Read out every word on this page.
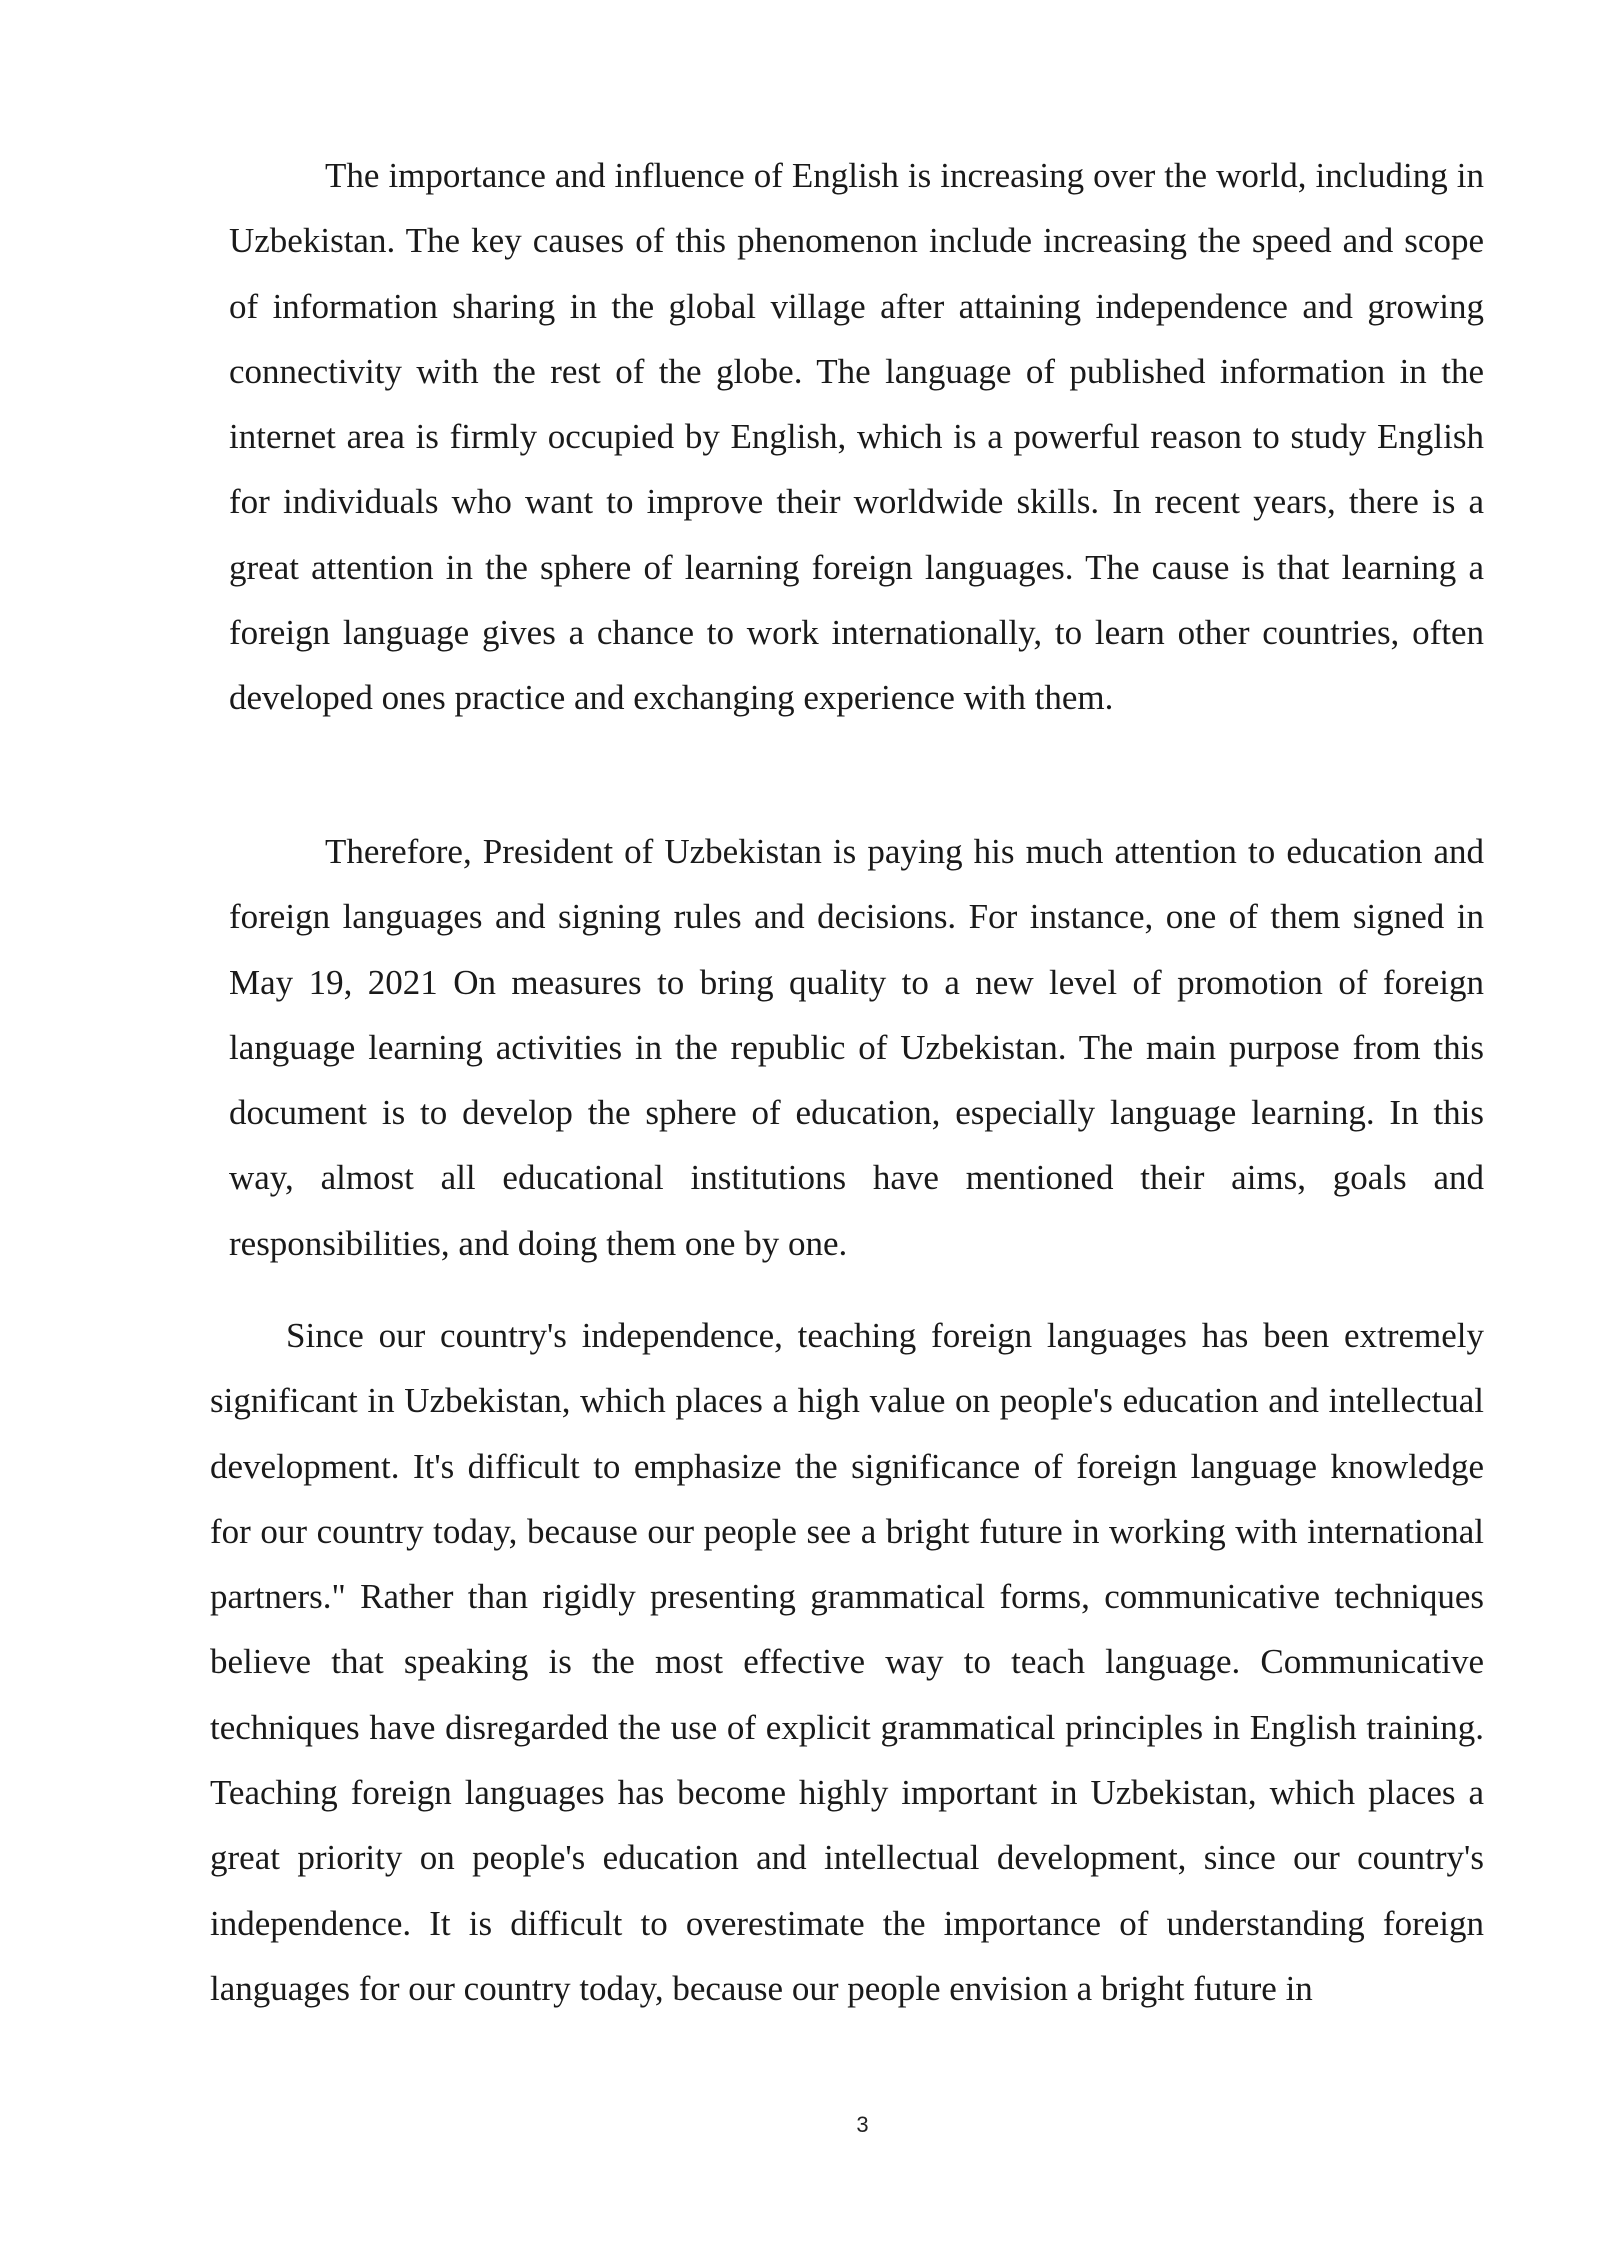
The importance and influence of English is increasing over the world, including in Uzbekistan. The key causes of this phenomenon include increasing the speed and scope of information sharing in the global village after attaining independence and growing connectivity with the rest of the globe. The language of published information in the internet area is firmly occupied by English, which is a powerful reason to study English for individuals who want to improve their worldwide skills. In recent years, there is a great attention in the sphere of learning foreign languages. The cause is that learning a foreign language gives a chance to work internationally, to learn other countries, often developed ones practice and exchanging experience with them.

Therefore, President of Uzbekistan is paying his much attention to education and foreign languages and signing rules and decisions. For instance, one of them signed in May 19, 2021 On measures to bring quality to a new level of promotion of foreign language learning activities in the republic of Uzbekistan. The main purpose from this document is to develop the sphere of education, especially language learning. In this way, almost all educational institutions have mentioned their aims, goals and responsibilities, and doing them one by one.

Since our country's independence, teaching foreign languages has been extremely significant in Uzbekistan, which places a high value on people's education and intellectual development. It's difficult to emphasize the significance of foreign language knowledge for our country today, because our people see a bright future in working with international partners." Rather than rigidly presenting grammatical forms, communicative techniques believe that speaking is the most effective way to teach language. Communicative techniques have disregarded the use of explicit grammatical principles in English training. Teaching foreign languages has become highly important in Uzbekistan, which places a great priority on people's education and intellectual development, since our country's independence. It is difficult to overestimate the importance of understanding foreign languages for our country today, because our people envision a bright future in

3
